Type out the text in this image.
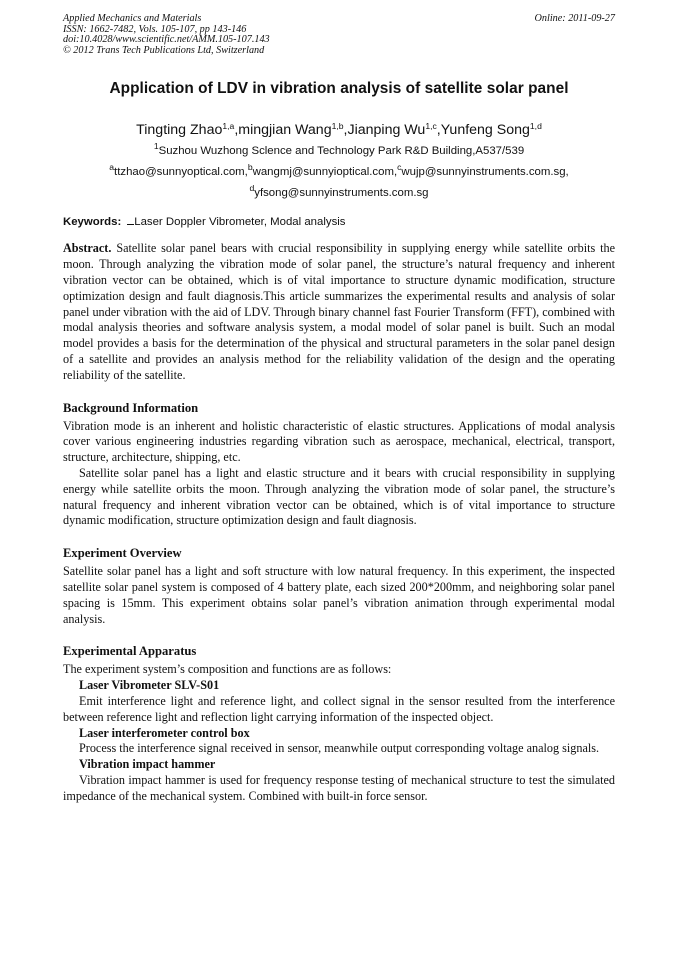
Applied Mechanics and Materials
ISSN: 1662-7482, Vols. 105-107, pp 143-146
doi:10.4028/www.scientific.net/AMM.105-107.143
© 2012 Trans Tech Publications Ltd, Switzerland
Online: 2011-09-27
Application of LDV in vibration analysis of satellite solar panel
Tingting Zhao$^{1,a}$,mingjian Wang$^{1,b}$,Jianping Wu$^{1,c}$,Yunfeng Song$^{1,d}$
$^1$Suzhou Wuzhong Sclence and Technology Park R&D Building,A537/539
$^a$ttzhao@sunnyoptical.com,$^b$wangmj@sunnyioptical.com,$^c$wujp@sunnyinstruments.com.sg,
$^d$yfsong@sunnyinstruments.com.sg
Keywords: Laser Doppler Vibrometer, Modal analysis

Abstract. Satellite solar panel bears with crucial responsibility in supplying energy while satellite orbits the moon. Through analyzing the vibration mode of solar panel, the structure’s natural frequency and inherent vibration vector can be obtained, which is of vital importance to structure dynamic modification, structure optimization design and fault diagnosis.This article summarizes the experimental results and analysis of solar panel under vibration with the aid of LDV. Through binary channel fast Fourier Transform (FFT), combined with modal analysis theories and software analysis system, a modal model of solar panel is built. Such an modal model provides a basis for the determination of the physical and structural parameters in the solar panel design of a satellite and provides an analysis method for the reliability validation of the design and the operating reliability of the satellite.

Background Information

Vibration mode is an inherent and holistic characteristic of elastic structures. Applications of modal analysis cover various engineering industries regarding vibration such as aerospace, mechanical, electrical, transport, structure, architecture, shipping, etc.

Satellite solar panel has a light and elastic structure and it bears with crucial responsibility in supplying energy while satellite orbits the moon. Through analyzing the vibration mode of solar panel, the structure’s natural frequency and inherent vibration vector can be obtained, which is of vital importance to structure dynamic modification, structure optimization design and fault diagnosis.

Experiment Overview

Satellite solar panel has a light and soft structure with low natural frequency. In this experiment, the inspected satellite solar panel system is composed of 4 battery plate, each sized 200*200mm, and neighboring solar panel spacing is 15mm. This experiment obtains solar panel’s vibration animation through experimental modal analysis.

Experimental Apparatus

The experiment system’s composition and functions are as follows:

Laser Vibrometer SLV-S01

Emit interference light and reference light, and collect signal in the sensor resulted from the interference between reference light and reflection light carrying information of the inspected object.

Laser interferometer control box

Process the interference signal received in sensor, meanwhile output corresponding voltage analog signals.

Vibration impact hammer

Vibration impact hammer is used for frequency response testing of mechanical structure to test the simulated impedance of the mechanical system. Combined with built-in force sensor.
